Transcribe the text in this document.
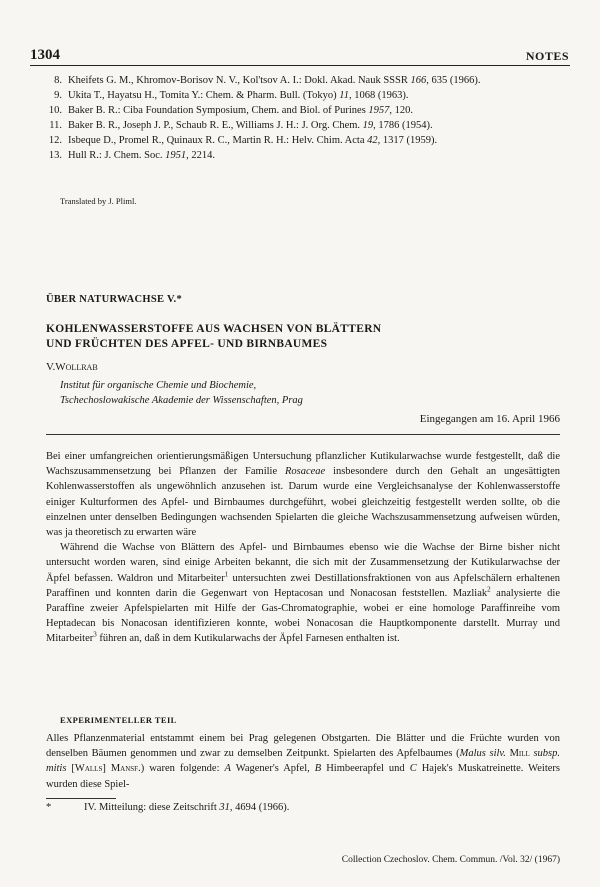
1304	NOTES
8. Kheifets G. M., Khromov-Borisov N. V., Kol'tsov A. I.: Dokl. Akad. Nauk SSSR 166, 635 (1966).
9. Ukita T., Hayatsu H., Tomita Y.: Chem. & Pharm. Bull. (Tokyo) 11, 1068 (1963).
10. Baker B. R.: Ciba Foundation Symposium, Chem. and Biol. of Purines 1957, 120.
11. Baker B. R., Joseph J. P., Schaub R. E., Williams J. H.: J. Org. Chem. 19, 1786 (1954).
12. Isbeque D., Promel R., Quinaux R. C., Martin R. H.: Helv. Chim. Acta 42, 1317 (1959).
13. Hull R.: J. Chem. Soc. 1951, 2214.
Translated by J. Pliml.
ÜBER NATURWACHSE V.*
KOHLENWASSERSTOFFE AUS WACHSEN VON BLÄTTERN
UND FRÜCHTEN DES APFEL- UND BIRNBAUMES
V.Wollrab
Institut für organische Chemie und Biochemie,
Tschechoslowakische Akademie der Wissenschaften, Prag
Eingegangen am 16. April 1966

Bei einer umfangreichen orientierungsmäßigen Untersuchung pflanzlicher Kutikularwachse wurde festgestellt, daß die Wachszusammensetzung bei Pflanzen der Familie Rosaceae insbesondere durch den Gehalt an ungesättigten Kohlenwasserstoffen als ungewöhnlich anzusehen ist. Darum wurde eine Vergleichsanalyse der Kohlenwasserstoffe einiger Kulturformen des Apfel- und Birnbaumes durchgeführt, wobei gleichzeitig festgestellt werden sollte, ob die einzelnen unter denselben Bedingungen wachsenden Spielarten die gleiche Wachszusammensetzung aufweisen würden, was ja theoretisch zu erwarten wäre

Während die Wachse von Blättern des Apfel- und Birnbaumes ebenso wie die Wachse der Birne bisher nicht untersucht worden waren, sind einige Arbeiten bekannt, die sich mit der Zusammensetzung der Kutikularwachse der Äpfel befassen. Waldron und Mitarbeiter$^1$ untersuchten zwei Destillationsfraktionen von aus Apfelschälern erhaltenen Paraffinen und konnten darin die Gegenwart von Heptacosan und Nonacosan feststellen. Mazliak$^2$ analysierte die Paraffine zweier Apfelspielarten mit Hilfe der Gas-Chromatographie, wobei er eine homologe Paraffinreihe vom Heptadecan bis Nonacosan identifizieren konnte, wobei Nonacosan die Hauptkomponente darstellt. Murray und Mitarbeiter$^3$ führen an, daß in dem Kutikularwachs der Äpfel Farnesen enthalten ist.

EXPERIMENTELLER TEIL

Alles Pflanzenmaterial entstammt einem bei Prag gelegenen Obstgarten. Die Blätter und die Früchte wurden von denselben Bäumen genommen und zwar zu demselben Zeitpunkt. Spielarten des Apfelbaumes (Malus silv. Mill subsp. mitis [Walls] Mansf.) waren folgende: A Wagener's Apfel, B Himbeerapfel und C Hajek's Muskatreinette. Weiters wurden diese Spiel-

*	IV. Mitteilung: diese Zeitschrift 31, 4694 (1966).
Collection Czechoslov. Chem. Commun. /Vol. 32/ (1967)
